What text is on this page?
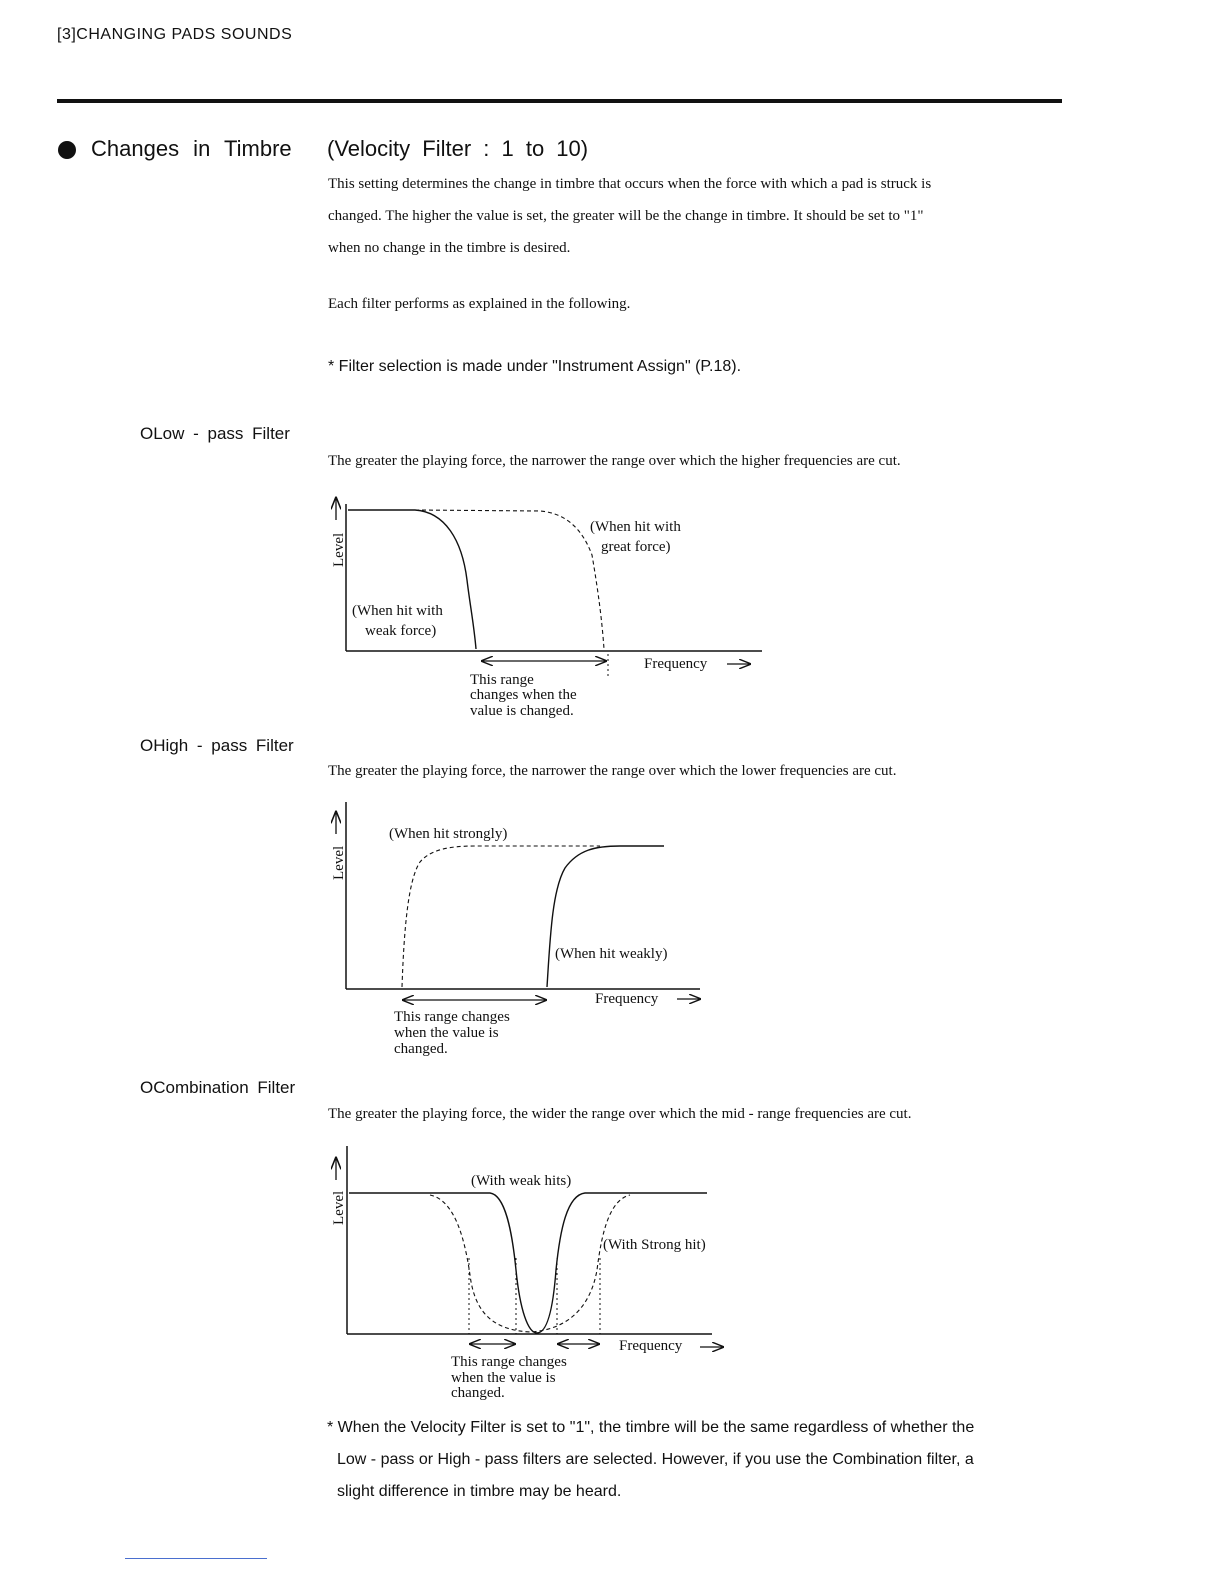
[3]CHANGING PADS SOUNDS
Changes in Timbre (Velocity Filter : 1 to 10)
This setting determines the change in timbre that occurs when the force with which a pad is struck is
changed. The higher the value is set, the greater will be the change in timbre. It should be set to "1"
when no change in the timbre is desired.
Each filter performs as explained in the following.
* Filter selection is made under "Instrument Assign" (P.18).
OLow - pass Filter
The greater the playing force, the narrower the range over which the higher frequencies are cut.
Level
(When hit with
great force)
(When hit with
weak force)
Frequency
This range
changes when the
value is changed.
Level
(When hit strongly)
(When hit weakly)
Frequency
This range changes
when the value is
changed.
Level
(With weak hits)
(With Strong hit)
Frequency
This range changes
when the value is
changed.
OHigh - pass Filter
The greater the playing force, the narrower the range over which the lower frequencies are cut.
OCombination Filter
The greater the playing force, the wider the range over which the mid - range frequencies are cut.
* When the Velocity Filter is set to "1", the timbre will be the same regardless of whether the
Low - pass or High - pass filters are selected. However, if you use the Combination filter, a
slight difference in timbre may be heard.
